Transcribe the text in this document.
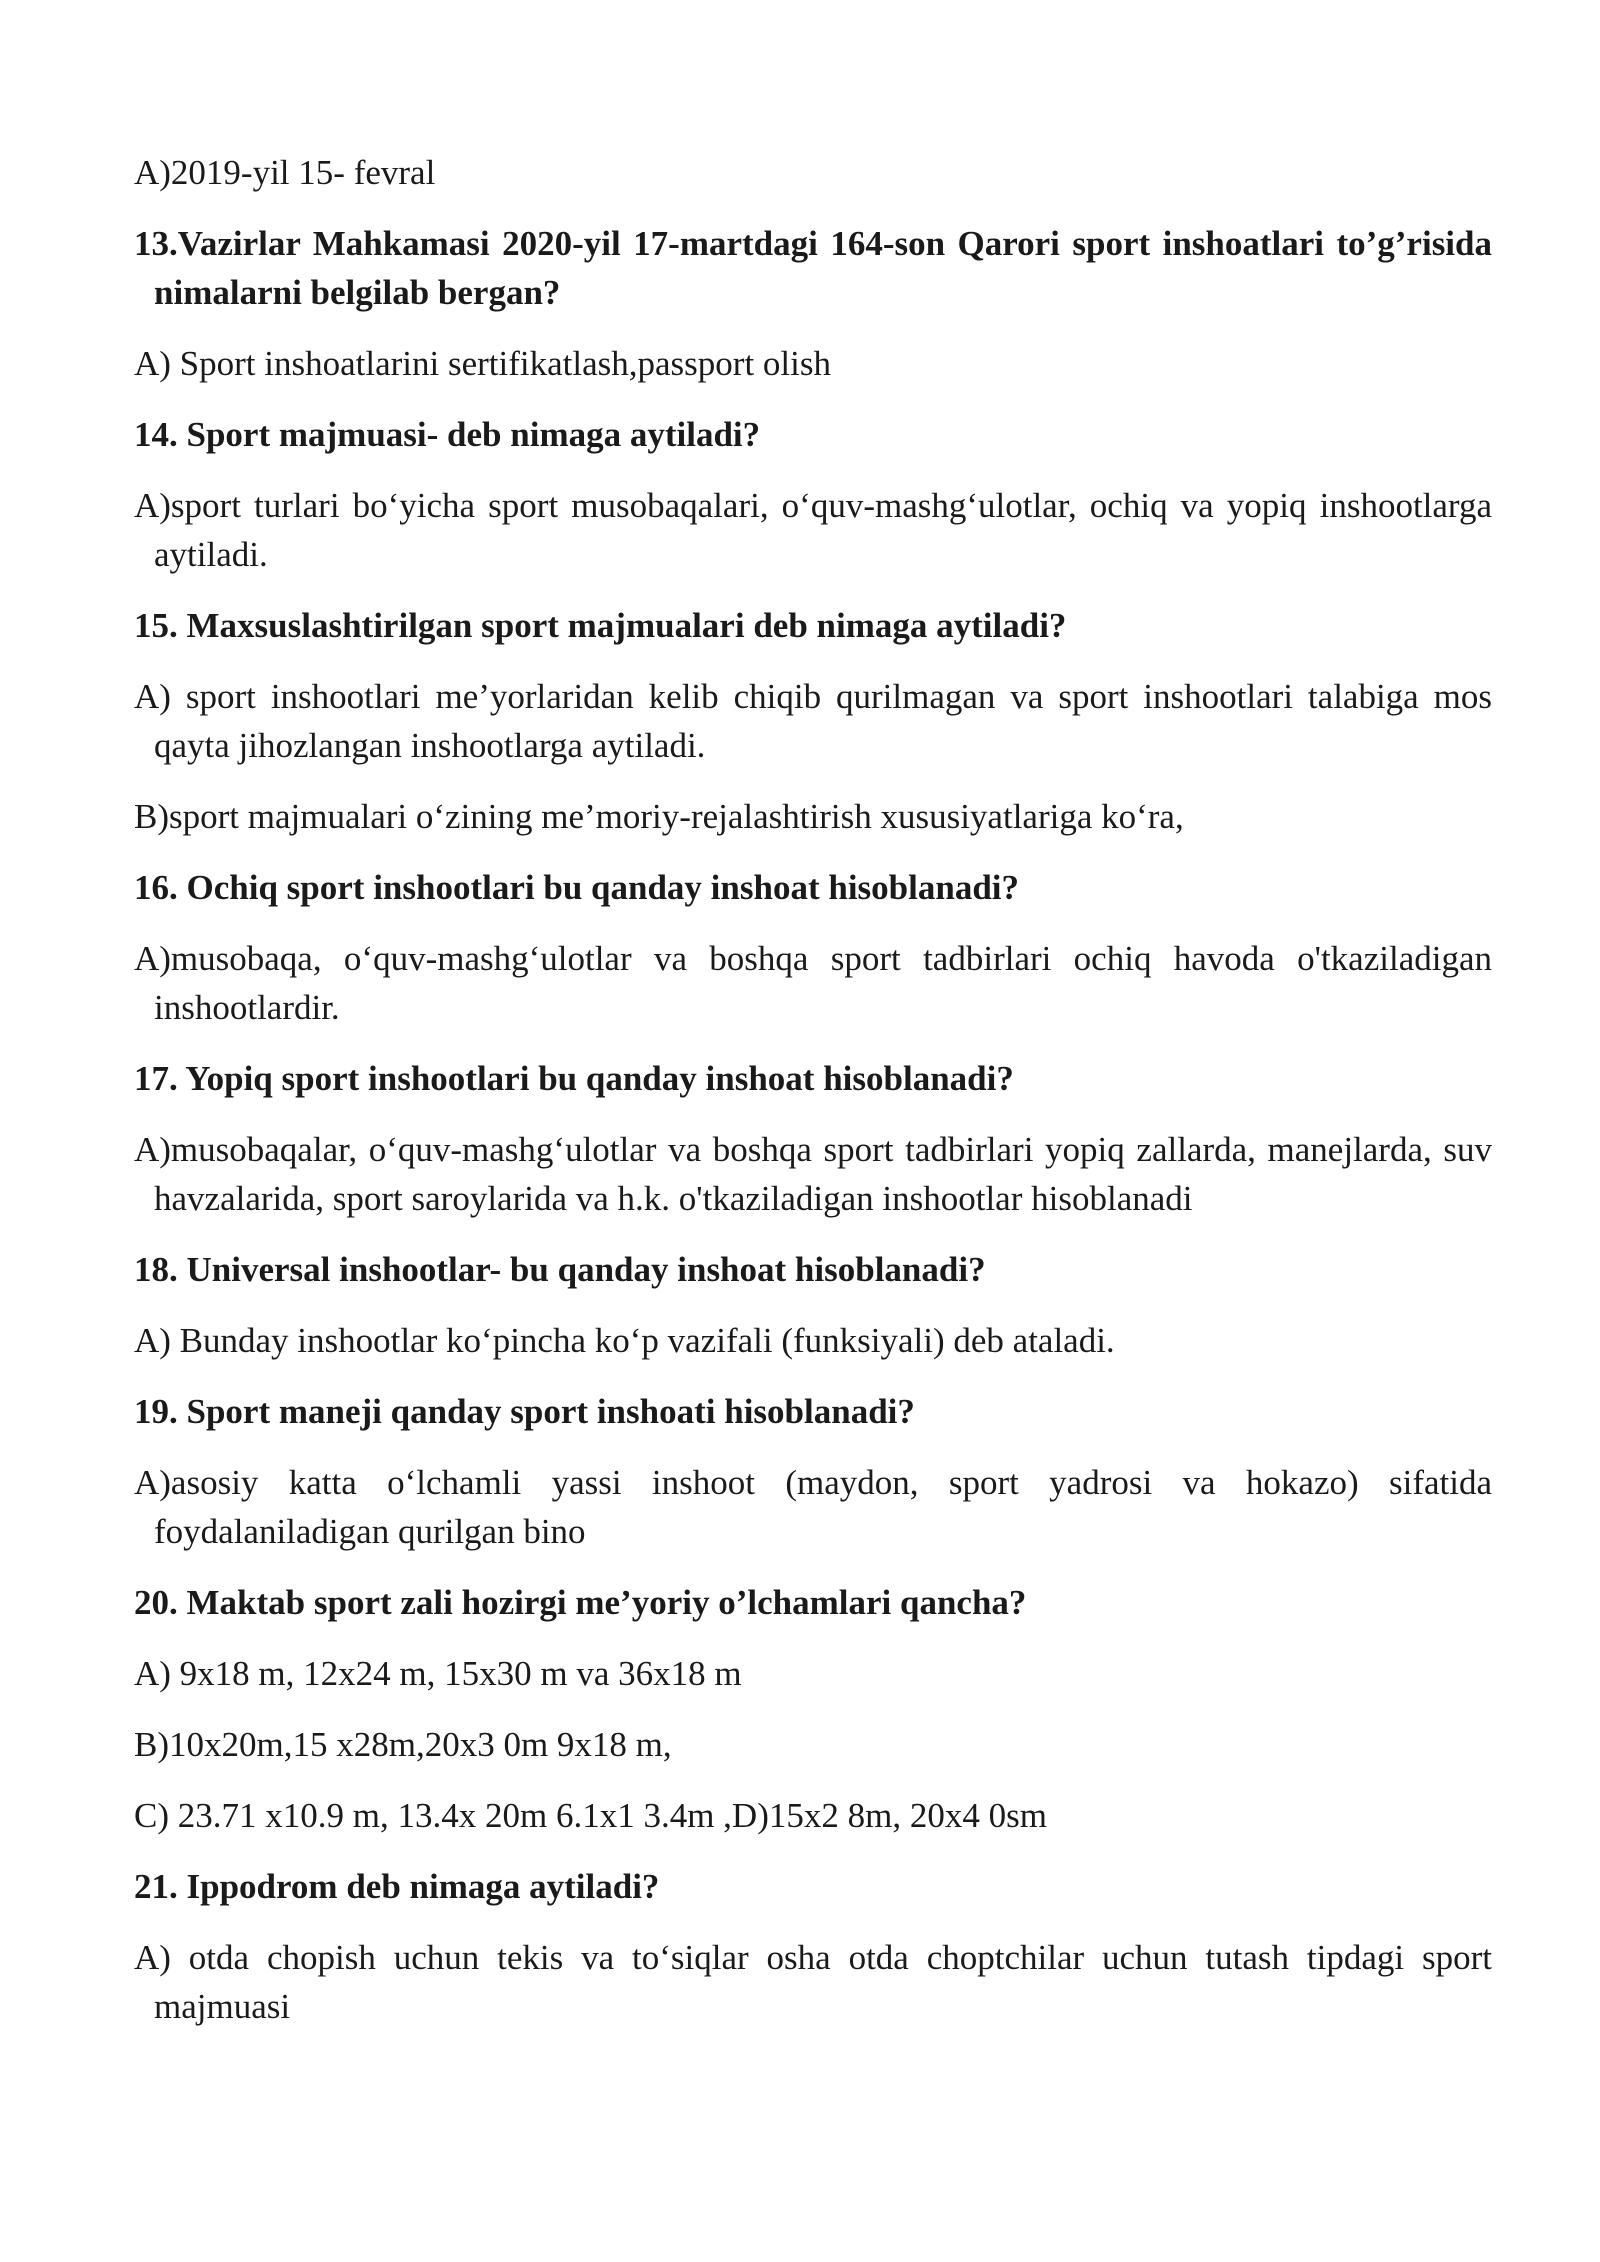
A)2019-yil 15- fevral

13.Vazirlar Mahkamasi 2020-yil 17-martdagi 164-son Qarori sport inshoatlari to’g’risida nimalarni belgilab bergan?

A) Sport inshoatlarini sertifikatlash,passport olish

14. Sport majmuasi- deb nimaga aytiladi?

A)sport turlari boʻyicha sport musobaqalari, oʻquv-mashgʻulotlar, ochiq va yopiq inshootlarga aytiladi.

15. Maxsuslashtirilgan sport majmualari deb nimaga aytiladi?

A) sport inshootlari me’yorlaridan kelib chiqib qurilmagan va sport inshootlari talabiga mos qayta jihozlangan inshootlarga aytiladi.

B)sport majmualari oʻzining me’moriy-rejalashtirish xususiyatlariga koʻra,

16. Ochiq sport inshootlari bu qanday inshoat hisoblanadi?

A)musobaqa, oʻquv-mashgʻulotlar va boshqa sport tadbirlari ochiq havoda o'tkaziladigan inshootlardir.

17. Yopiq sport inshootlari bu qanday inshoat hisoblanadi?

A)musobaqalar, oʻquv-mashgʻulotlar va boshqa sport tadbirlari yopiq zallarda, manejlarda, suv havzalarida, sport saroylarida va h.k. o'tkaziladigan inshootlar hisoblanadi

18. Universal inshootlar- bu qanday inshoat hisoblanadi?

A) Bunday inshootlar koʻpincha koʻp vazifali (funksiyali) deb ataladi.

19. Sport maneji qanday sport inshoati hisoblanadi?

A)asosiy katta oʻlchamli yassi inshoot (maydon, sport yadrosi va hokazo) sifatida foydalaniladigan qurilgan bino

20. Maktab sport zali hozirgi me’yoriy o’lchamlari qancha?

A) 9x18 m, 12x24 m, 15x30 m va 36x18 m

B)10x20m,15 x28m,20x3 0m 9x18 m,

C) 23.71 x10.9 m, 13.4x 20m 6.1x1 3.4m ,D)15x2 8m, 20x4 0sm

21. Ippodrom deb nimaga aytiladi?

A) otda chopish uchun tekis va toʻsiqlar osha otda choptchilar uchun tutash tipdagi sport majmuasi
